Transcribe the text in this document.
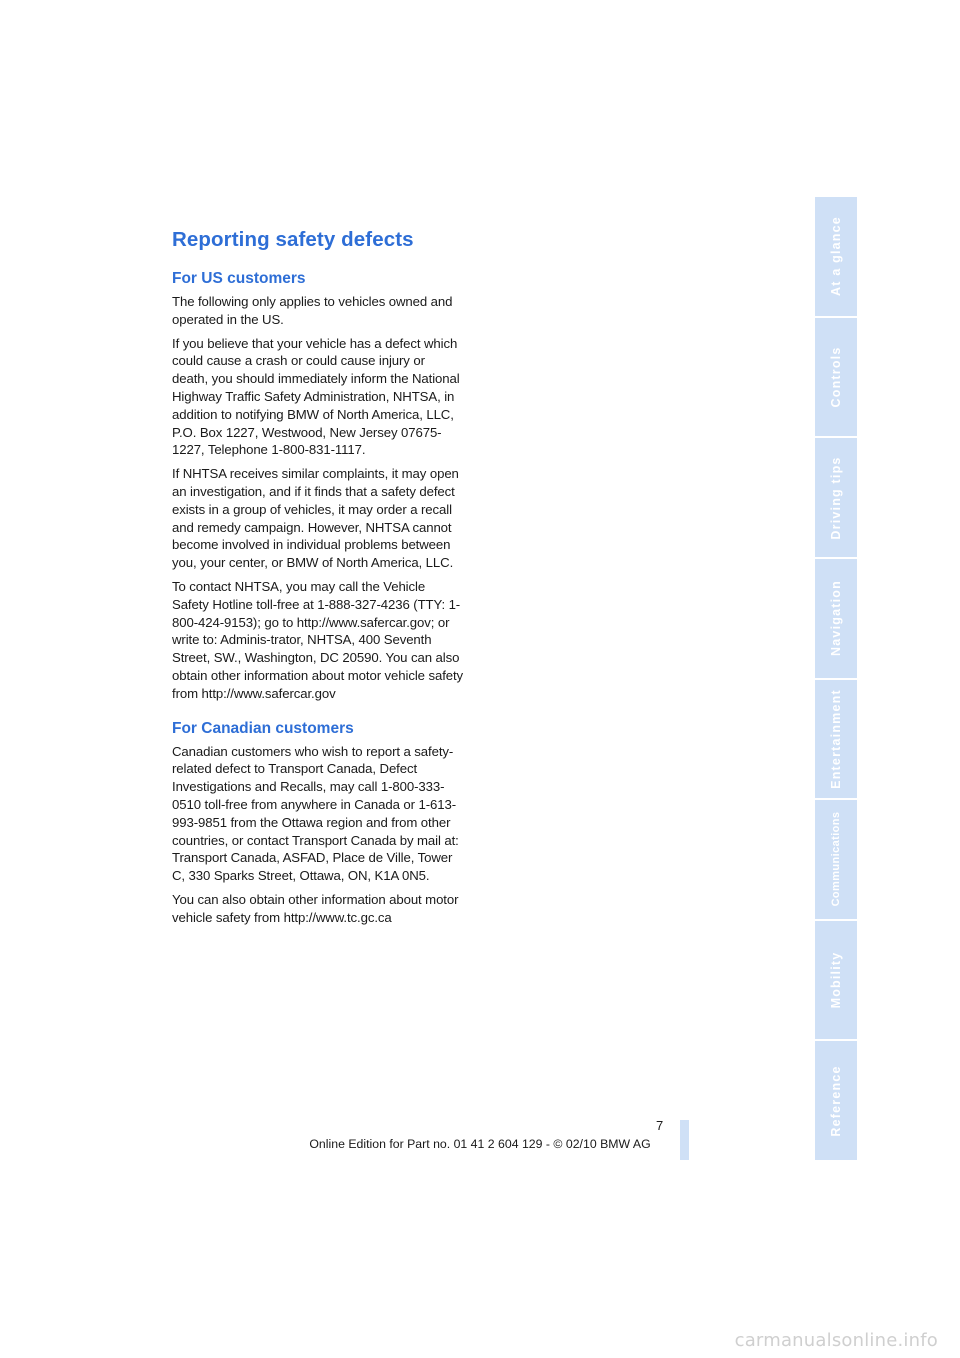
Reporting safety defects
For US customers

The following only applies to vehicles owned and operated in the US.

If you believe that your vehicle has a defect which could cause a crash or could cause injury or death, you should immediately inform the National Highway Traffic Safety Administration, NHTSA, in addition to notifying BMW of North America, LLC, P.O. Box 1227, Westwood, New Jersey 07675-1227, Telephone 1-800-831-1117.

If NHTSA receives similar complaints, it may open an investigation, and if it finds that a safety defect exists in a group of vehicles, it may order a recall and remedy campaign. However, NHTSA cannot become involved in individual problems between you, your center, or BMW of North America, LLC.

To contact NHTSA, you may call the Vehicle Safety Hotline toll-free at 1-888-327-4236 (TTY: 1-800-424-9153); go to http://www.safercar.gov; or write to: Adminis-trator, NHTSA, 400 Seventh Street, SW., Washington, DC 20590. You can also obtain other information about motor vehicle safety from http://www.safercar.gov

For Canadian customers

Canadian customers who wish to report a safety-related defect to Transport Canada, Defect Investigations and Recalls, may call 1-800-333-0510 toll-free from anywhere in Canada or 1-613-993-9851 from the Ottawa region and from other countries, or contact Transport Canada by mail at: Transport Canada, ASFAD, Place de Ville, Tower C, 330 Sparks Street, Ottawa, ON, K1A 0N5.

You can also obtain other information about motor vehicle safety from http://www.tc.gc.ca

At a glance
Controls
Driving tips
Navigation
Entertainment
Communications
Mobility
Reference
7
Online Edition for Part no. 01 41 2 604 129 - © 02/10 BMW AG
carmanualsonline.info
